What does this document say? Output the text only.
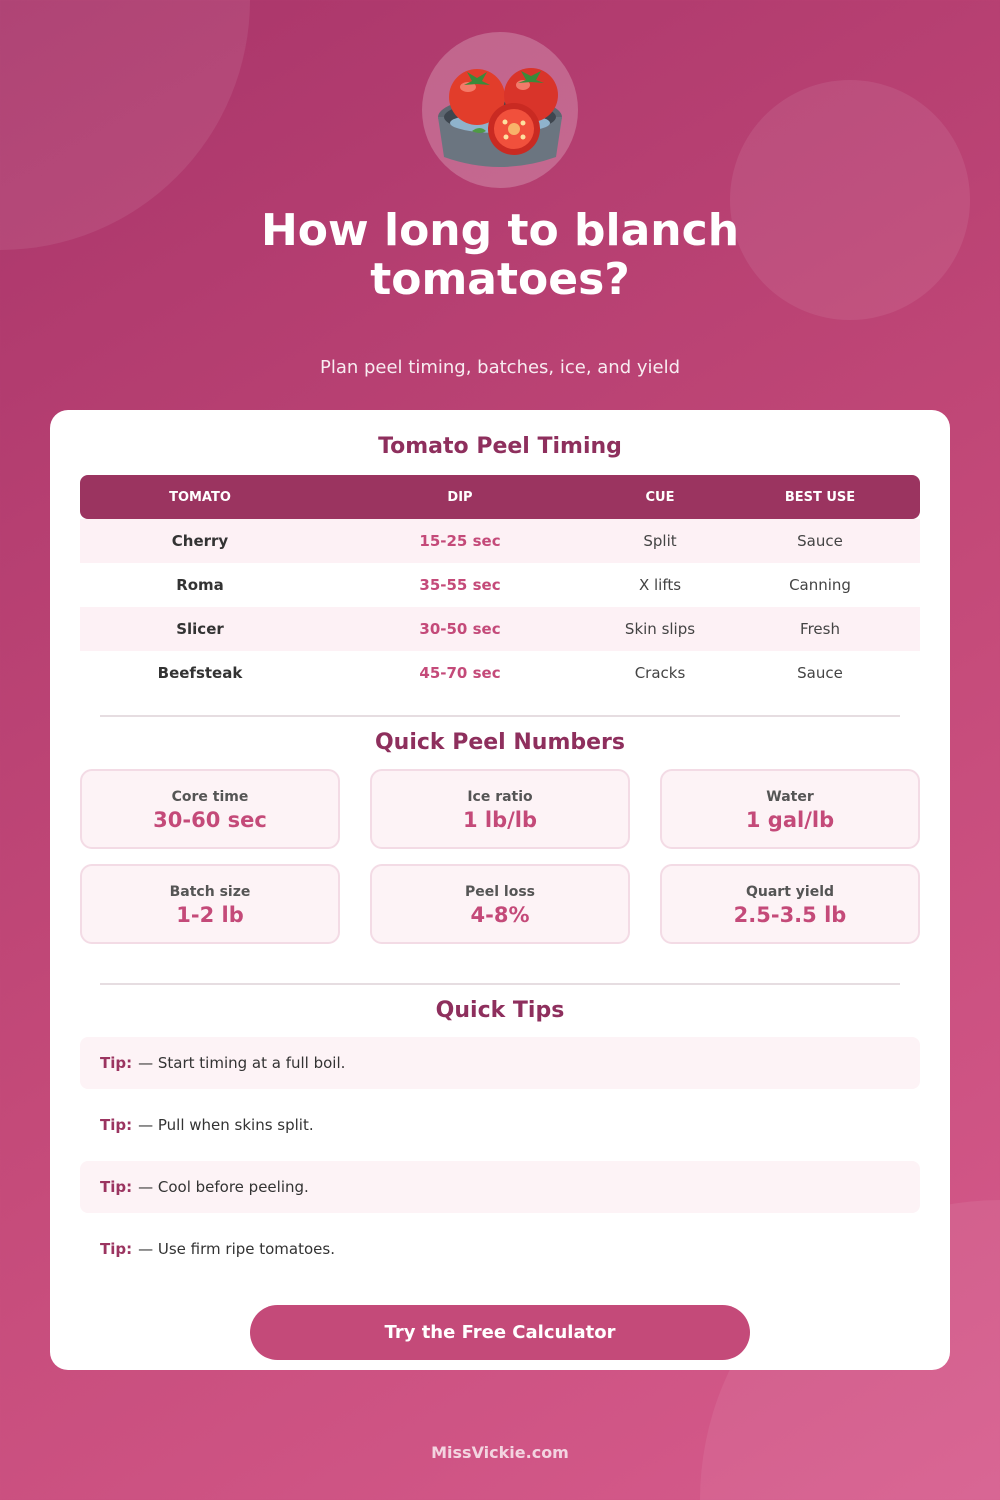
How long to blanch tomatoes?
Plan peel timing, batches, ice, and yield
Tomato Peel Timing
TOMATO	DIP	CUE	BEST USE
Cherry	15-25 sec	Split	Sauce
Roma	35-55 sec	X lifts	Canning
Slicer	30-50 sec	Skin slips	Fresh
Beefsteak	45-70 sec	Cracks	Sauce
Quick Peel Numbers
Core time
30-60 sec
Ice ratio
1 lb/lb
Water
1 gal/lb
Batch size
1-2 lb
Peel loss
4-8%
Quart yield
2.5-3.5 lb
Quick Tips
Tip: — Start timing at a full boil.
Tip: — Pull when skins split.
Tip: — Cool before peeling.
Tip: — Use firm ripe tomatoes.
Try the Free Calculator
MissVickie.com
